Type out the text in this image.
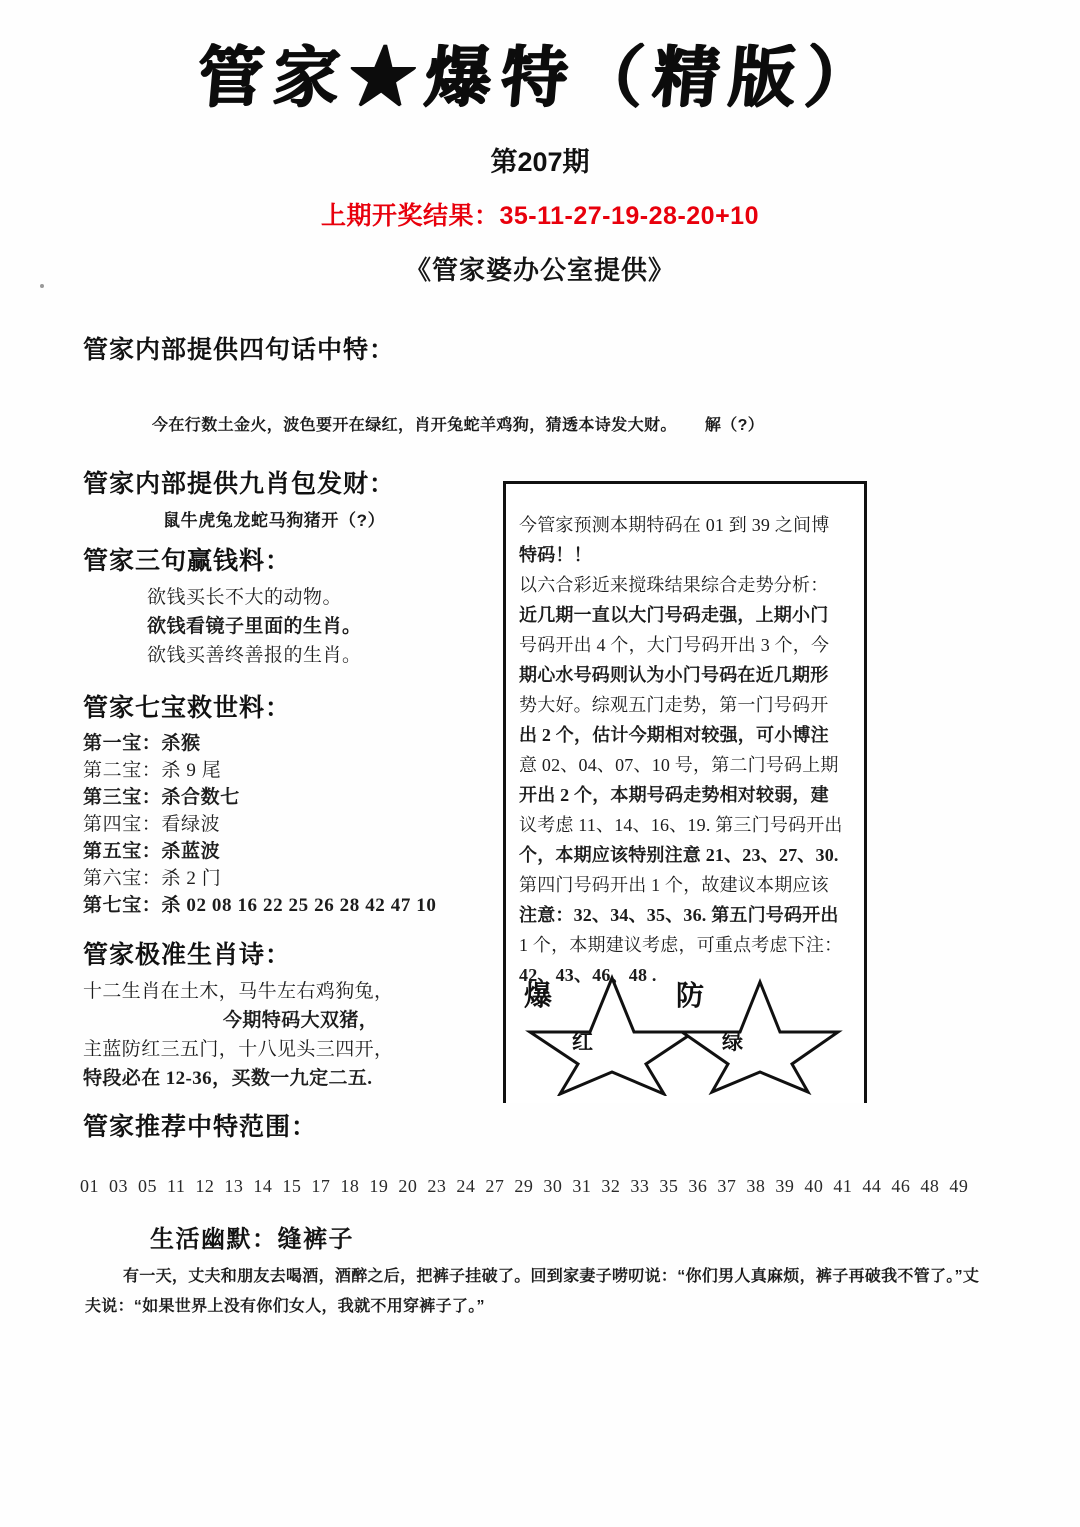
管家★爆特（精版）
第207期
上期开奖结果：35-11-27-19-28-20+10
《管家婆办公室提供》
今在行数土金火，波色要开在绿红，肖开兔蛇羊鸡狗，猜透本诗发大财。 解（?）
管家内部提供四句话中特：
管家内部提供九肖包发财：
鼠牛虎兔龙蛇马狗猪开（?）
管家三句赢钱料：
欲钱买长不大的动物。
欲钱看镜子里面的生肖。
欲钱买善终善报的生肖。
管家七宝救世料：
第一宝：杀猴
第二宝：杀 9 尾
第三宝：杀合数七
第四宝：看绿波
第五宝：杀蓝波
第六宝：杀 2 门
第七宝：杀 02 08 16 22 25 26 28 42 47 10
管家极准生肖诗：
十二生肖在土木，马牛左右鸡狗兔，
今期特码大双猪，
主蓝防红三五门，十八见头三四开，
特段必在 12-36，买数一九定二五.
管家推荐中特范围：
01 03 05 11 12 13 14 15 17 18 19 20 23 24 27 29 30 31 32 33 35 36 37 38 39 40 41 44 46 48 49
今管家预测本期特码在 01 到 39 之间博
特码！！
以六合彩近来搅珠结果综合走势分析：
近几期一直以大门号码走强，上期小门
号码开出 4 个，大门号码开出 3 个，今
期心水号码则认为小门号码在近几期形
势大好。综观五门走势，第一门号码开
出 2 个，估计今期相对较强，可小博注
意 02、04、07、10 号，第二门号码上期
开出 2 个，本期号码走势相对较弱，建
议考虑 11、14、16、19. 第三门号码开出
个，本期应该特别注意 21、23、27、30.
第四门号码开出 1 个，故建议本期应该
注意：32、34、35、36. 第五门号码开出
1 个，本期建议考虑，可重点考虑下注：
42、43、46、48 .
爆
红
防
绿
生活幽默：缝裤子
有一天，丈夫和朋友去喝酒，酒醉之后，把裤子挂破了。回到家妻子唠叨说：“你们男人真麻烦，裤子再破我不管了。”丈夫说：“如果世界上没有你们女人，我就不用穿裤子了。”
